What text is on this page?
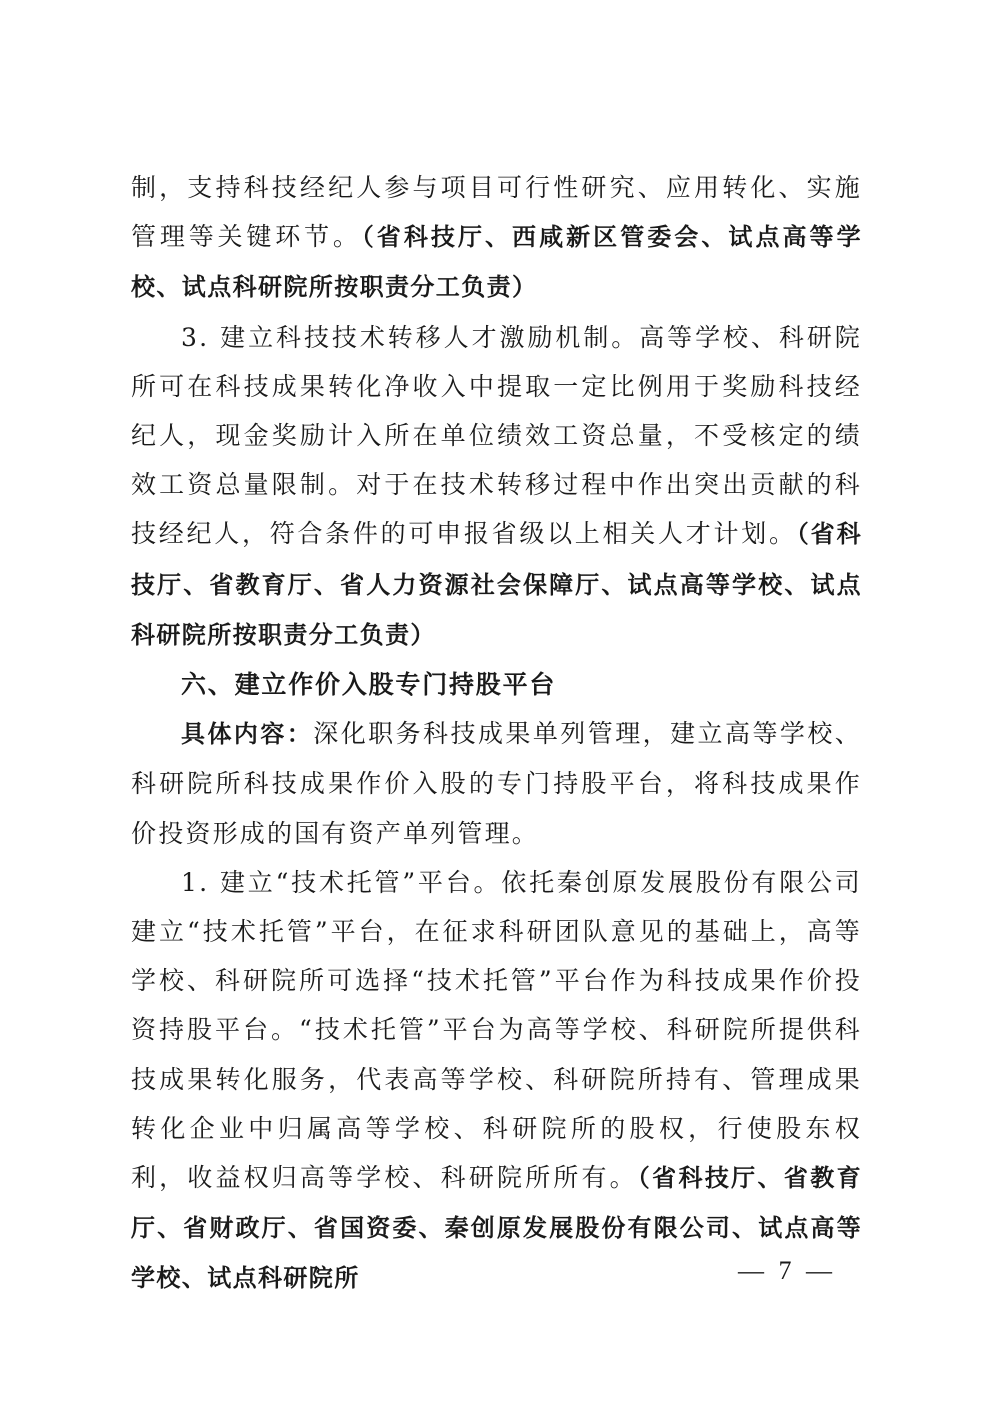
制，支持科技经纪人参与项目可行性研究、应用转化、实施管理等关键环节。（省科技厅、西咸新区管委会、试点高等学校、试点科研院所按职责分工负责）

3. 建立科技技术转移人才激励机制。高等学校、科研院所可在科技成果转化净收入中提取一定比例用于奖励科技经纪人，现金奖励计入所在单位绩效工资总量，不受核定的绩效工资总量限制。对于在技术转移过程中作出突出贡献的科技经纪人，符合条件的可申报省级以上相关人才计划。（省科技厅、省教育厅、省人力资源社会保障厅、试点高等学校、试点科研院所按职责分工负责）

六、建立作价入股专门持股平台

具体内容：深化职务科技成果单列管理，建立高等学校、科研院所科技成果作价入股的专门持股平台，将科技成果作价投资形成的国有资产单列管理。

1. 建立“技术托管”平台。依托秦创原发展股份有限公司建立“技术托管”平台，在征求科研团队意见的基础上，高等学校、科研院所可选择“技术托管”平台作为科技成果作价投资持股平台。“技术托管”平台为高等学校、科研院所提供科技成果转化服务，代表高等学校、科研院所持有、管理成果转化企业中归属高等学校、科研院所的股权，行使股东权利，收益权归高等学校、科研院所所有。（省科技厅、省教育厅、省财政厅、省国资委、秦创原发展股份有限公司、试点高等学校、试点科研院所	— 7 —
